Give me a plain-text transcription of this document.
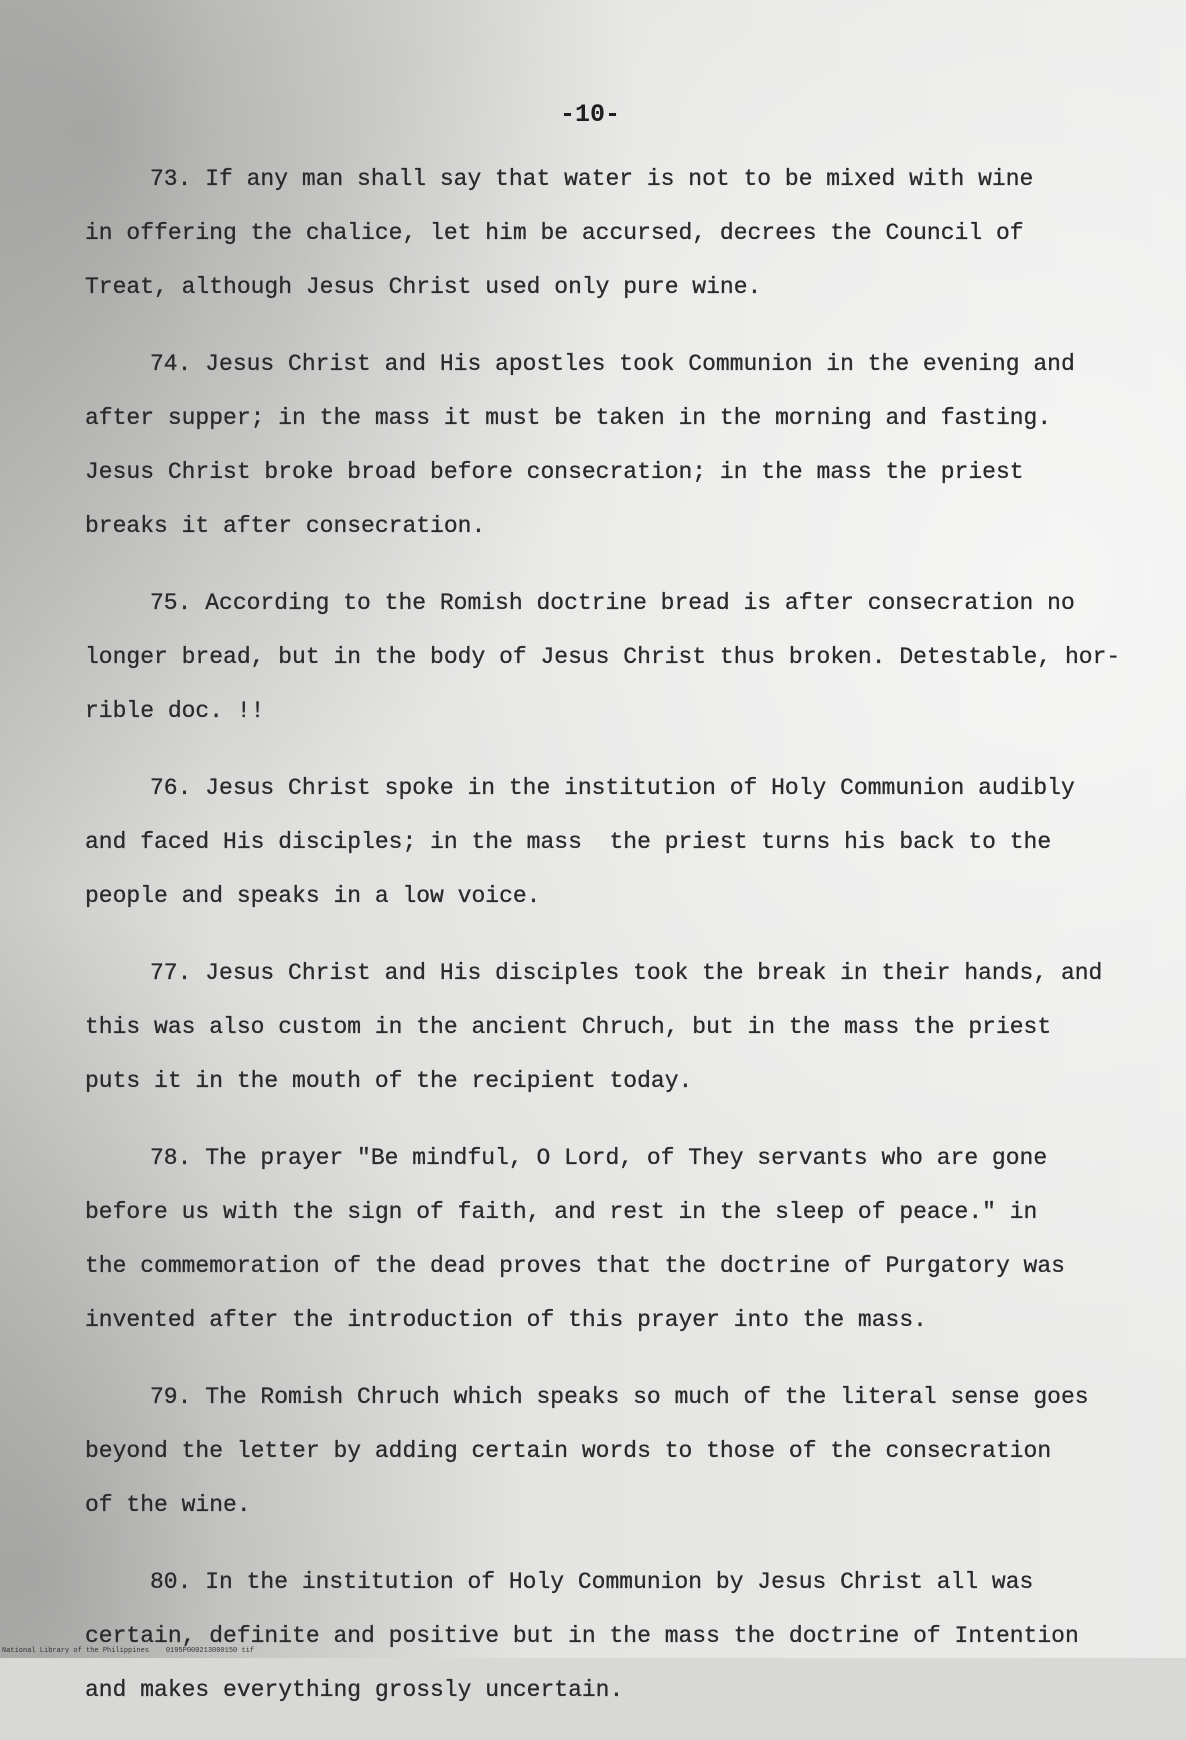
-10-

73. If any man shall say that water is not to be mixed with wine
in offering the chalice, let him be accursed, decrees the Council of
Treat, although Jesus Christ used only pure wine.
74. Jesus Christ and His apostles took Communion in the evening and
after supper; in the mass it must be taken in the morning and fasting.
Jesus Christ broke broad before consecration; in the mass the priest
breaks it after consecration.
75. According to the Romish doctrine bread is after consecration no
longer bread, but in the body of Jesus Christ thus broken. Detestable, hor-
rible doc. !!
76. Jesus Christ spoke in the institution of Holy Communion audibly
and faced His disciples; in the mass  the priest turns his back to the
people and speaks in a low voice.
77. Jesus Christ and His disciples took the break in their hands, and
this was also custom in the ancient Chruch, but in the mass the priest
puts it in the mouth of the recipient today.
78. The prayer "Be mindful, O Lord, of They servants who are gone
before us with the sign of faith, and rest in the sleep of peace." in
the commemoration of the dead proves that the doctrine of Purgatory was
invented after the introduction of this prayer into the mass.
79. The Romish Chruch which speaks so much of the literal sense goes
beyond the letter by adding certain words to those of the consecration
of the wine.
80. In the institution of Holy Communion by Jesus Christ all was
certain, definite and positive but in the mass the doctrine of Intention
and makes everything grossly uncertain.

National Library of the Philippines    0195P000213000150 tif
